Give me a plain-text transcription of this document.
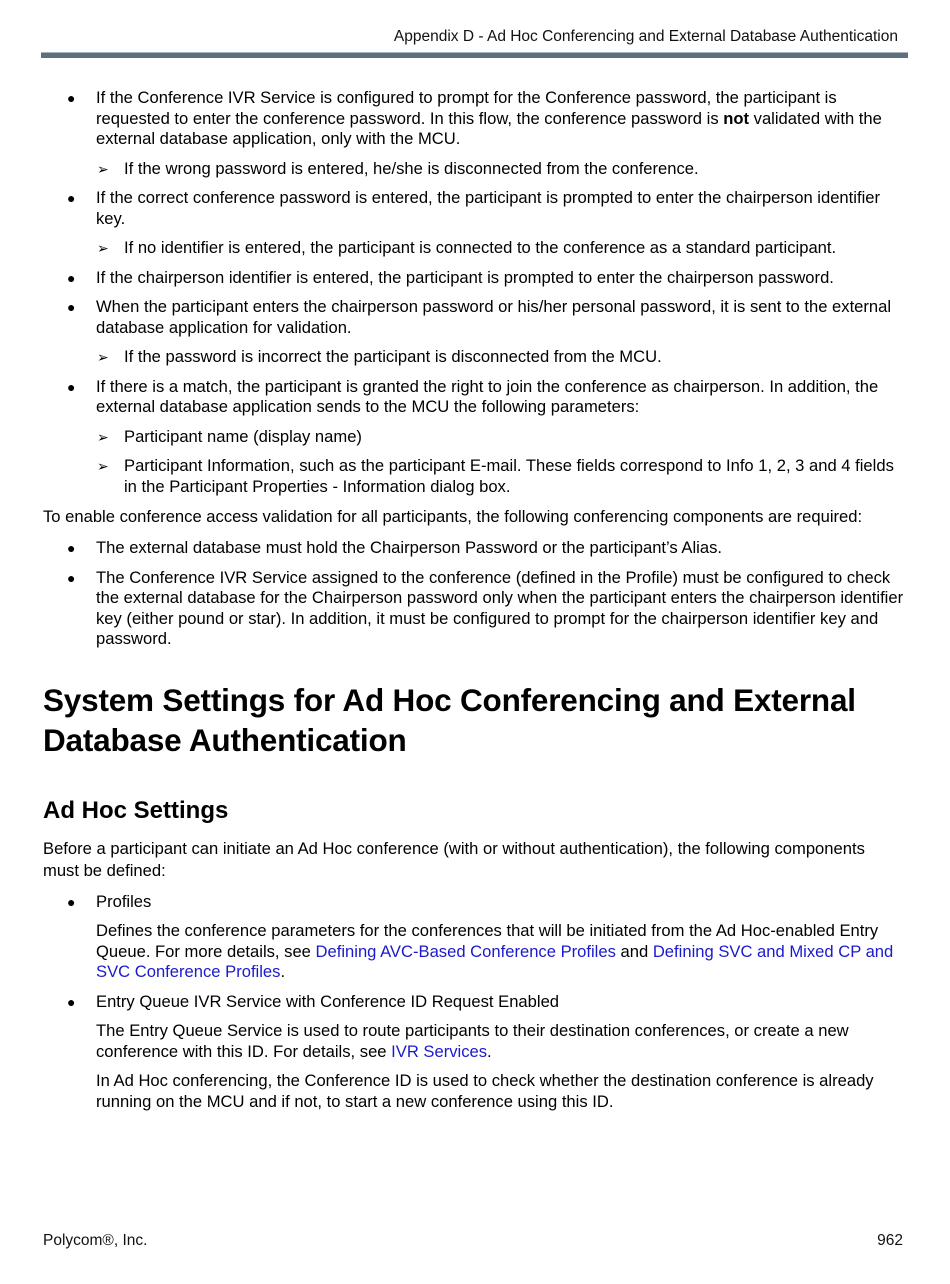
Appendix D - Ad Hoc Conferencing and External Database Authentication
● If the Conference IVR Service is configured to prompt for the Conference password, the participant is requested to enter the conference password. In this flow, the conference password is not validated with the external database application, only with the MCU.
➢ If the wrong password is entered, he/she is disconnected from the conference.
● If the correct conference password is entered, the participant is prompted to enter the chairperson identifier key.
➢ If no identifier is entered, the participant is connected to the conference as a standard participant.
● If the chairperson identifier is entered, the participant is prompted to enter the chairperson password.
● When the participant enters the chairperson password or his/her personal password, it is sent to the external database application for validation.
➢ If the password is incorrect the participant is disconnected from the MCU.
● If there is a match, the participant is granted the right to join the conference as chairperson. In addition, the external database application sends to the MCU the following parameters:
➢ Participant name (display name)
➢ Participant Information, such as the participant E-mail. These fields correspond to Info 1, 2, 3 and 4 fields in the Participant Properties - Information dialog box.
To enable conference access validation for all participants, the following conferencing components are required:
● The external database must hold the Chairperson Password or the participant’s Alias.
● The Conference IVR Service assigned to the conference (defined in the Profile) must be configured to check the external database for the Chairperson password only when the participant enters the chairperson identifier key (either pound or star). In addition, it must be configured to prompt for the chairperson identifier key and password.
System Settings for Ad Hoc Conferencing and External Database Authentication
Ad Hoc Settings
Before a participant can initiate an Ad Hoc conference (with or without authentication), the following components must be defined:
● Profiles
Defines the conference parameters for the conferences that will be initiated from the Ad Hoc-enabled Entry Queue. For more details, see Defining AVC-Based Conference Profiles and Defining SVC and Mixed CP and SVC Conference Profiles.
● Entry Queue IVR Service with Conference ID Request Enabled
The Entry Queue Service is used to route participants to their destination conferences, or create a new conference with this ID. For details, see IVR Services.
In Ad Hoc conferencing, the Conference ID is used to check whether the destination conference is already running on the MCU and if not, to start a new conference using this ID.
Polycom®, Inc.	962
